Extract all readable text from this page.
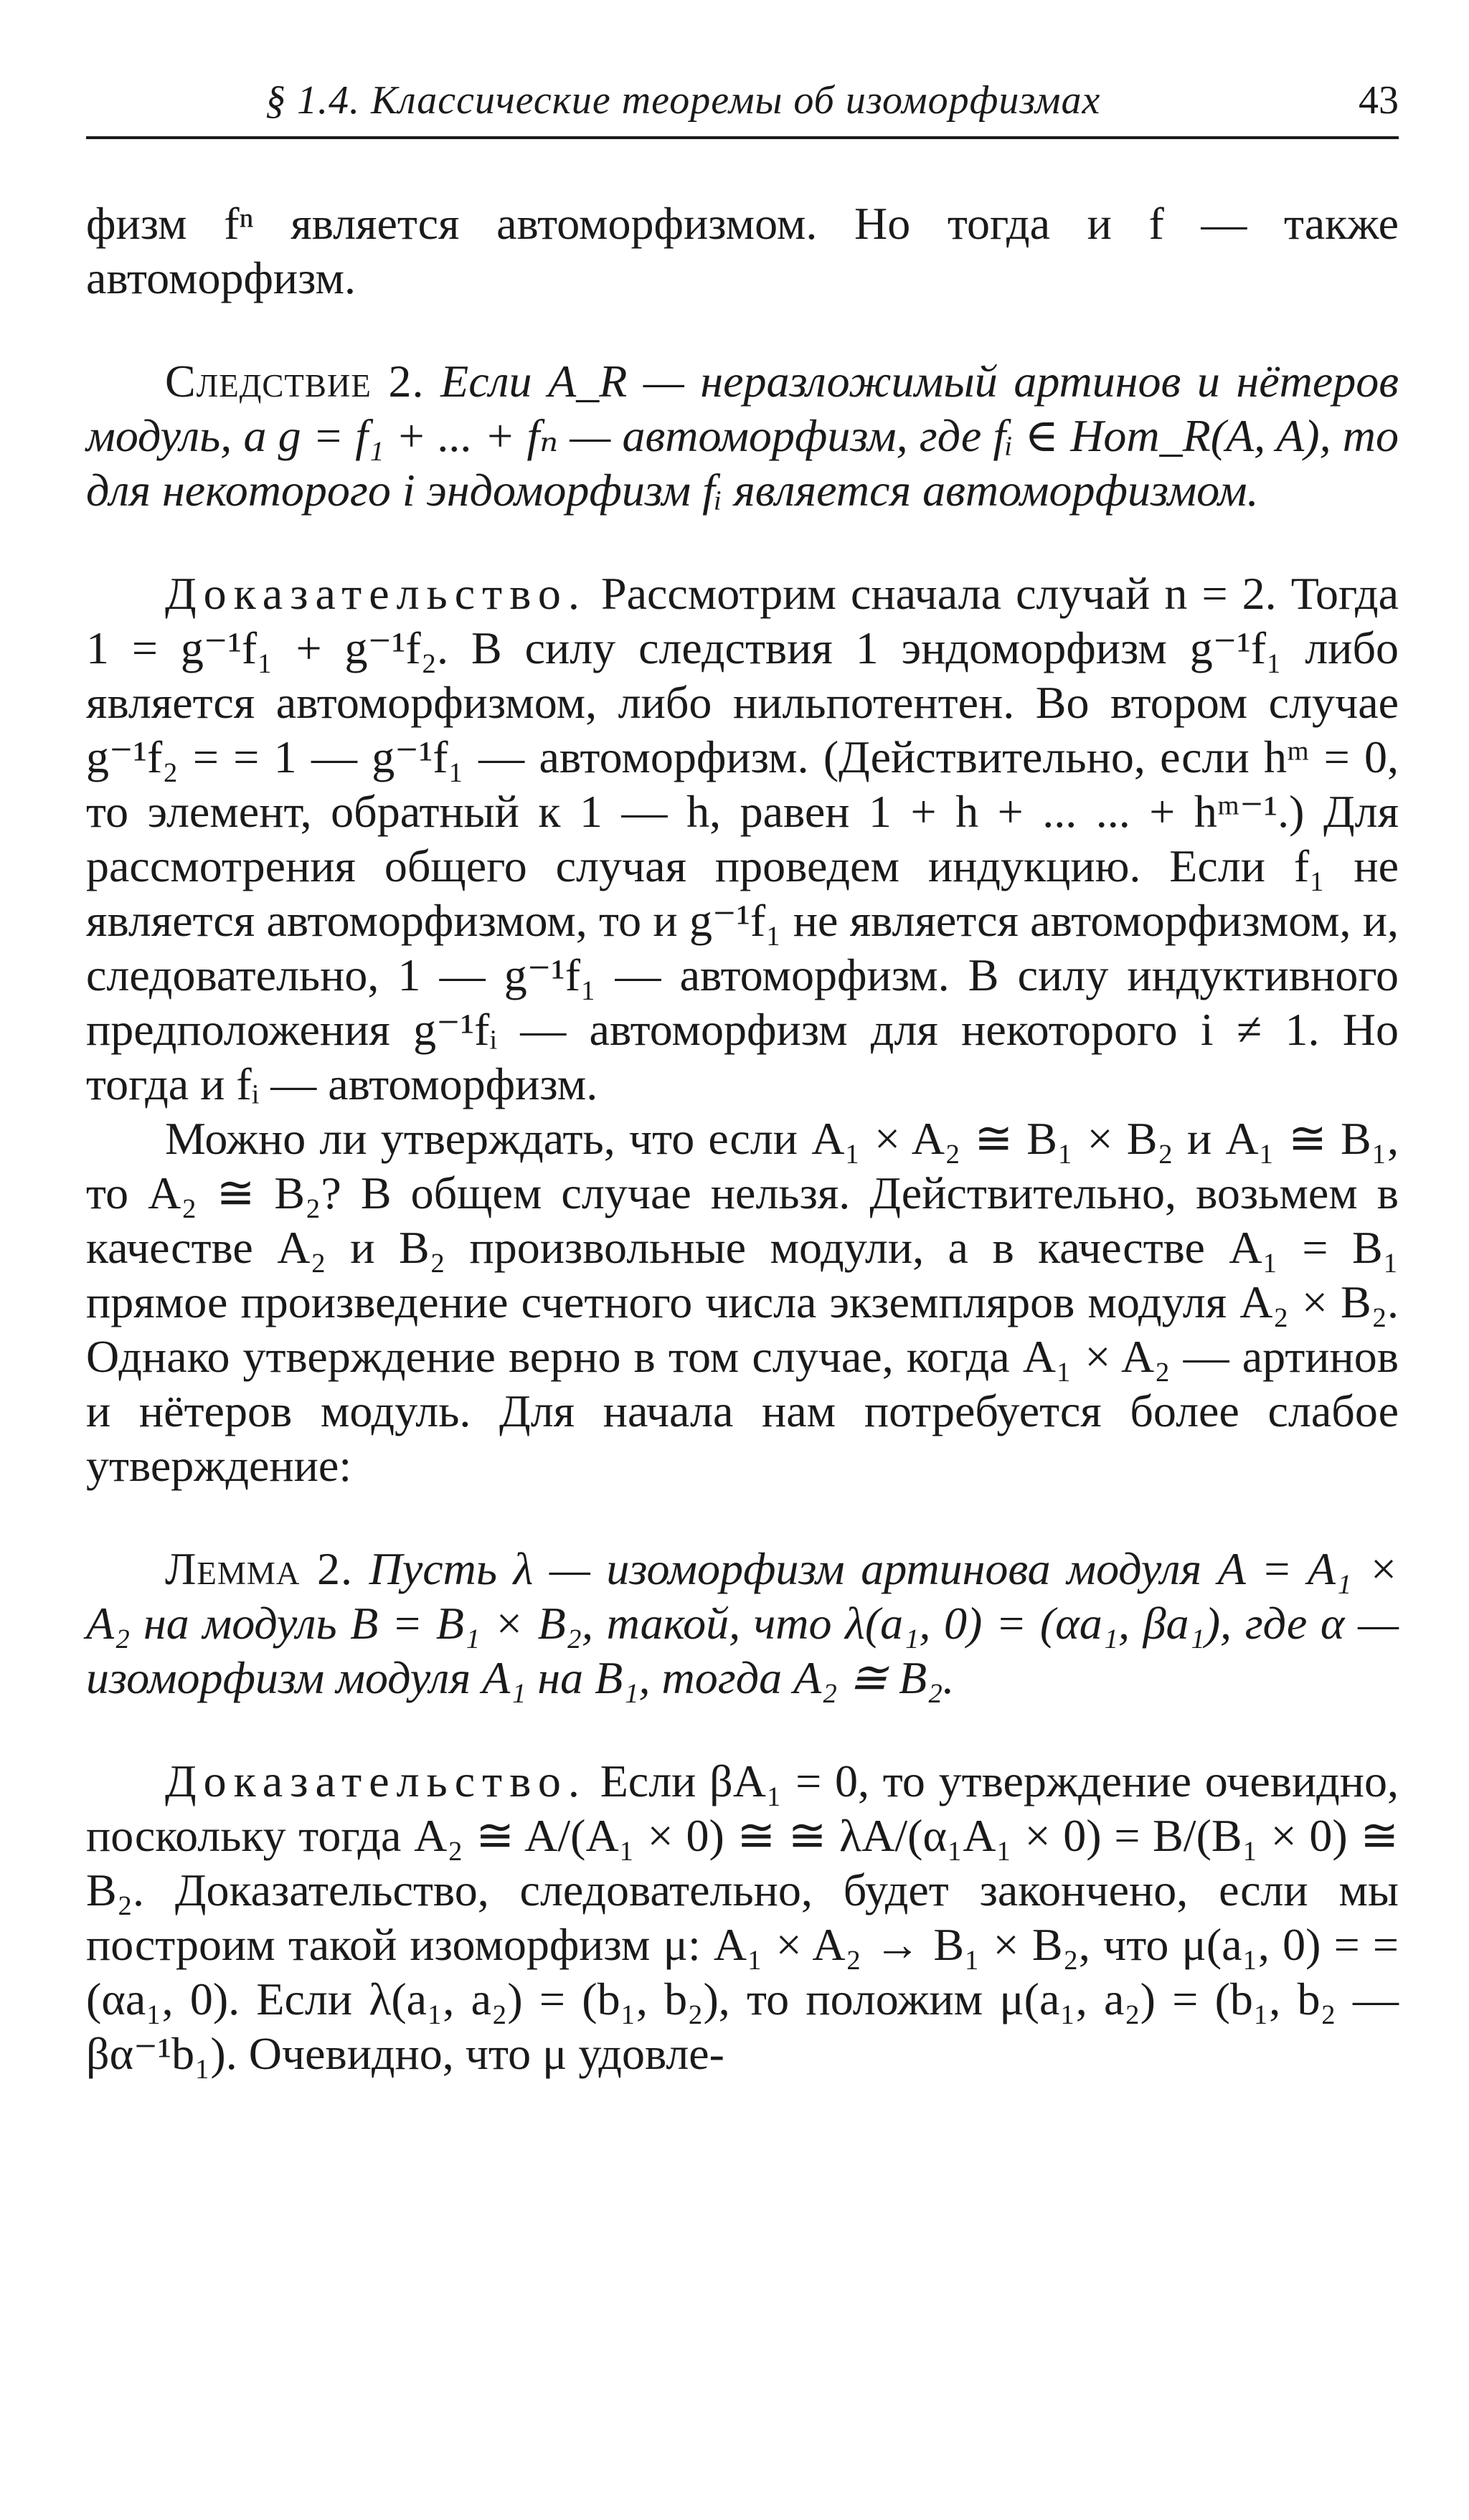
§ 1.4. Классические теоремы об изоморфизмах	43

физм fⁿ является автоморфизмом. Но тогда и f — также автоморфизм.

Следствие 2. Если A_R — неразложимый артинов и нётеров модуль, а g = f₁ + ... + fₙ — автоморфизм, где fᵢ ∈ Hom_R(A, A), то для некоторого i эндоморфизм fᵢ является автоморфизмом.

Доказательство. Рассмотрим сначала случай n = 2. Тогда 1 = g⁻¹f₁ + g⁻¹f₂. В силу следствия 1 эндоморфизм g⁻¹f₁ либо является автоморфизмом, либо нильпотентен. Во втором случае g⁻¹f₂ = = 1 — g⁻¹f₁ — автоморфизм. (Действительно, если hᵐ = 0, то элемент, обратный к 1 — h, равен 1 + h + ... ... + hᵐ⁻¹.) Для рассмотрения общего случая проведем индукцию. Если f₁ не является автоморфизмом, то и g⁻¹f₁ не является автоморфизмом, и, следовательно, 1 — g⁻¹f₁ — автоморфизм. В силу индуктивного предположения g⁻¹fᵢ — автоморфизм для некоторого i ≠ 1. Но тогда и fᵢ — автоморфизм.

Можно ли утверждать, что если A₁ × A₂ ≅ B₁ × B₂ и A₁ ≅ B₁, то A₂ ≅ B₂? В общем случае нельзя. Действительно, возьмем в качестве A₂ и B₂ произвольные модули, а в качестве A₁ = B₁ прямое произведение счетного числа экземпляров модуля A₂ × B₂. Однако утверждение верно в том случае, когда A₁ × A₂ — артинов и нётеров модуль. Для начала нам потребуется более слабое утверждение:

Лемма 2. Пусть λ — изоморфизм артинова модуля A = A₁ × A₂ на модуль B = B₁ × B₂, такой, что λ(a₁, 0) = (αa₁, βa₁), где α — изоморфизм модуля A₁ на B₁, тогда A₂ ≅ B₂.

Доказательство. Если βA₁ = 0, то утверждение очевидно, поскольку тогда A₂ ≅ A/(A₁ × 0) ≅ ≅ λA/(α₁A₁ × 0) = B/(B₁ × 0) ≅ B₂. Доказательство, следовательно, будет закончено, если мы построим такой изоморфизм μ: A₁ × A₂ → B₁ × B₂, что μ(a₁, 0) = = (αa₁, 0). Если λ(a₁, a₂) = (b₁, b₂), то положим μ(a₁, a₂) = (b₁, b₂ — βα⁻¹b₁). Очевидно, что μ удовле-
